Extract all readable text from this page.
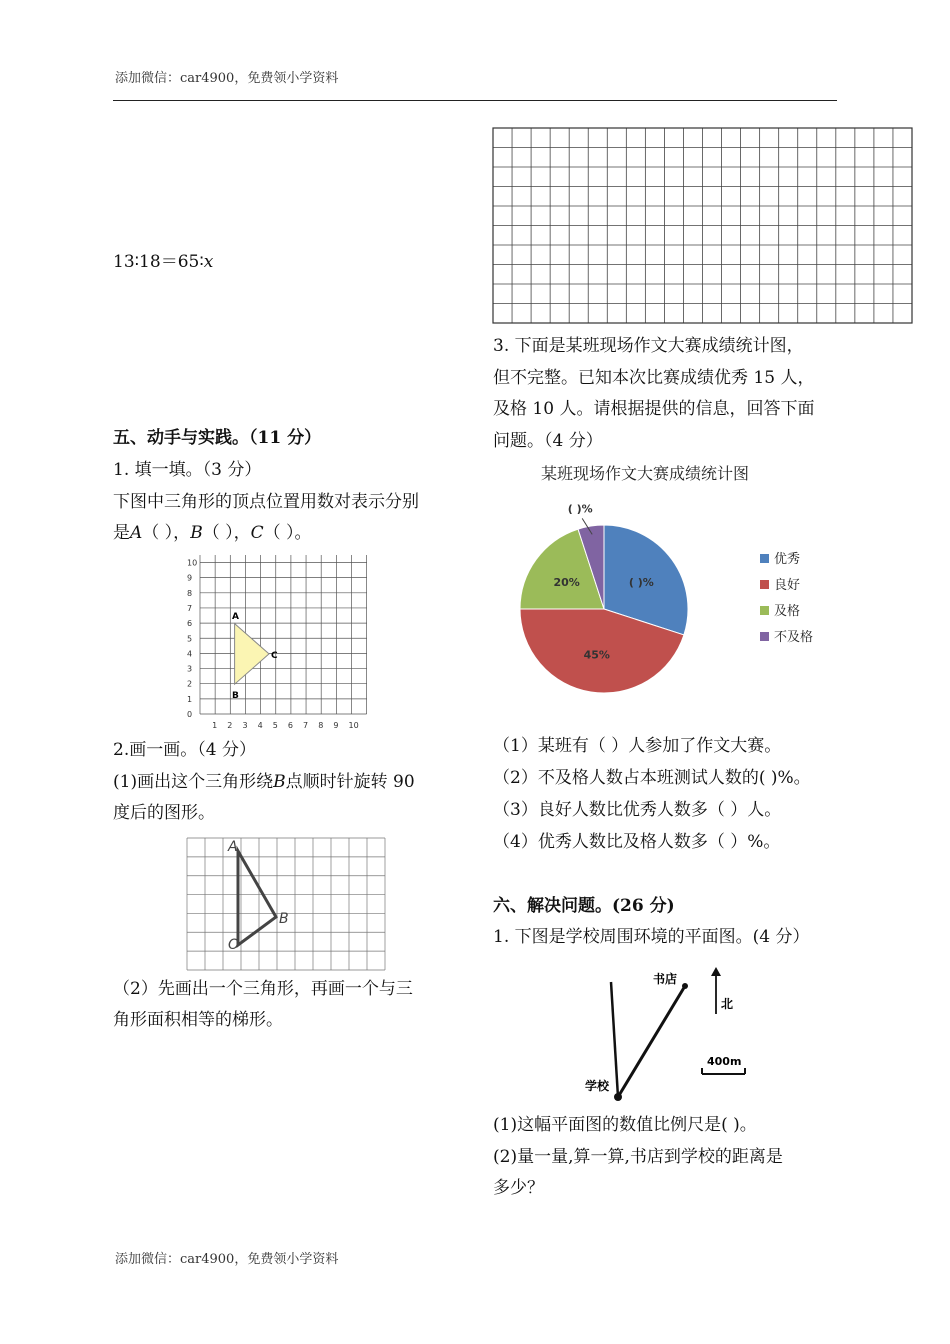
添加微信：car4900，免费领小学资料
13∶18＝65∶x
五、动手与实践。（11 分）
1. 填一填。（3 分）
下图中三角形的顶点位置用数对表示分别
是A（ ），B（ ），C（ ）。
0
1
2
3
4
5
6
7
8
9
10
1 2 3 4 5 6 7 8 9 10
A
B
C
2.画一画。（4 分）
(1)画出这个三角形绕B点顺时针旋转 90
度后的图形。
A
B
O
（2）先画出一个三角形，再画一个与三
角形面积相等的梯形。
3. 下面是某班现场作文大赛成绩统计图，
但不完整。已知本次比赛成绩优秀 15 人，
及格 10 人。请根据提供的信息，回答下面
问题。（4 分）
某班现场作文大赛成绩统计图
( )%
45%
20%
( )%
优秀
良好
及格
不及格
（1）某班有（ ）人参加了作文大赛。
（2）不及格人数占本班测试人数的( )%。
（3）良好人数比优秀人数多（ ）人。
（4）优秀人数比及格人数多（ ）%。
六、解决问题。(26 分)
1. 下图是学校周围环境的平面图。(4 分）
书店
学校
北
400m
(1)这幅平面图的数值比例尺是( )。
(2)量一量,算一算,书店到学校的距离是
多少？
添加微信：car4900，免费领小学资料
